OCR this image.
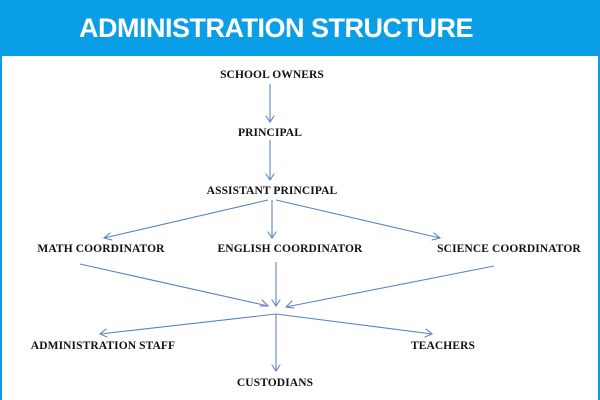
ADMINISTRATION STRUCTURE
SCHOOL OWNERS
PRINCIPAL
ASSISTANT PRINCIPAL
MATH COORDINATOR	ENGLISH COORDINATOR	SCIENCE COORDINATOR
ADMINISTRATION STAFF	TEACHERS
CUSTODIANS
